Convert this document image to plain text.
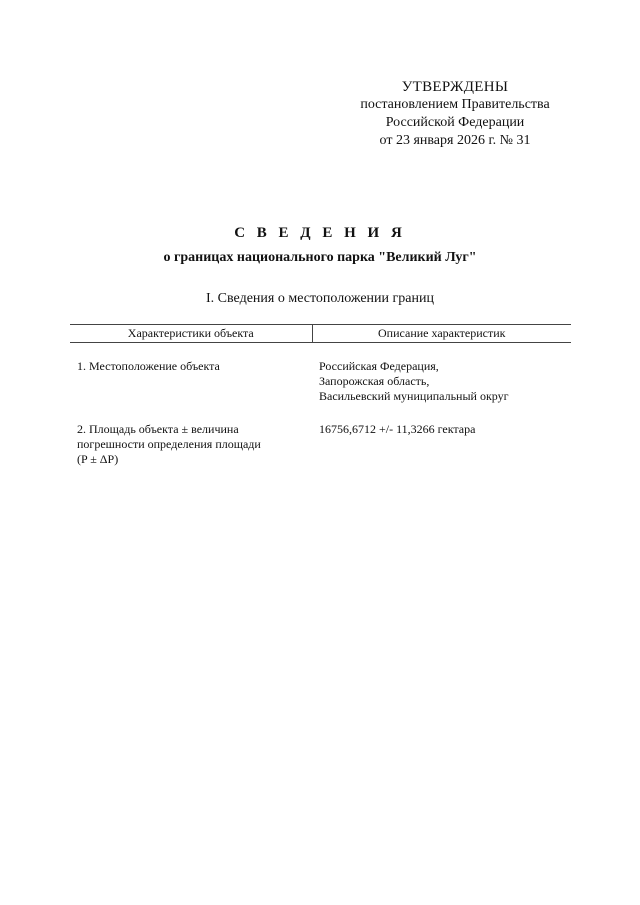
УТВЕРЖДЕНЫ
постановлением Правительства
Российской Федерации
от 23 января 2026 г. № 31
С В Е Д Е Н И Я
о границах национального парка "Великий Луг"
I. Сведения о местоположении границ
Характеристики объекта	Описание характеристик
1. Местоположение объекта	Российская Федерация,
Запорожская область,
Васильевский муниципальный округ
2. Площадь объекта ± величина
погрешности определения площади
(P ± ΔP)
16756,6712 +/- 11,3266 гектара
